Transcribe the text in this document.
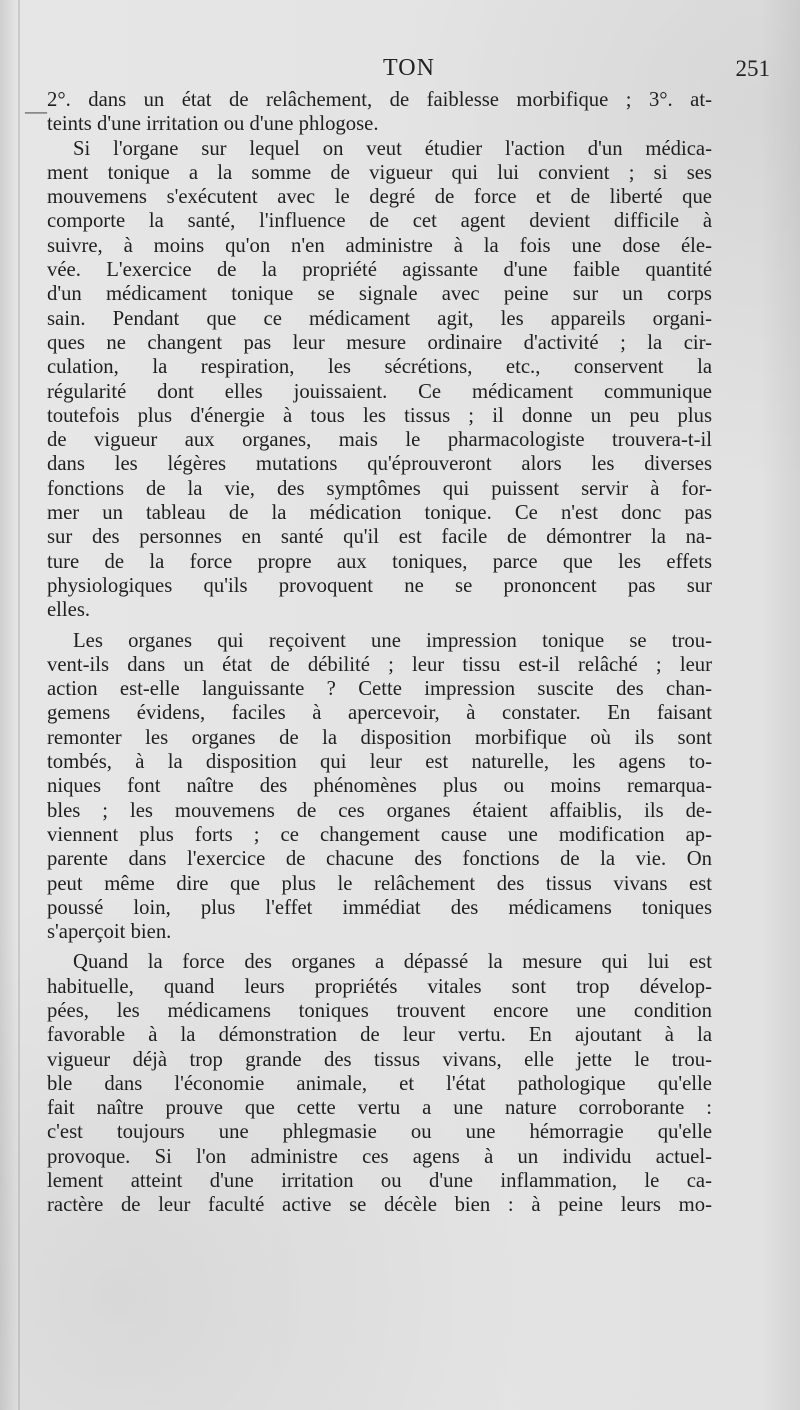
TON	251
— 2°. dans un état de relâchement, de faiblesse morbifique ; 3°. at-
teints d'une irritation ou d'une phlogose.
Si l'organe sur lequel on veut étudier l'action d'un médica-
ment tonique a la somme de vigueur qui lui convient ; si ses
mouvemens s'exécutent avec le degré de force et de liberté que
comporte la santé, l'influence de cet agent devient difficile à
suivre, à moins qu'on n'en administre à la fois une dose éle-
vée. L'exercice de la propriété agissante d'une faible quantité
d'un médicament tonique se signale avec peine sur un corps
sain. Pendant que ce médicament agit, les appareils organi-
ques ne changent pas leur mesure ordinaire d'activité ; la cir-
culation, la respiration, les sécrétions, etc., conservent la
régularité dont elles jouissaient. Ce médicament communique
toutefois plus d'énergie à tous les tissus ; il donne un peu plus
de vigueur aux organes, mais le pharmacologiste trouvera-t-il
dans les légères mutations qu'éprouveront alors les diverses
fonctions de la vie, des symptômes qui puissent servir à for-
mer un tableau de la médication tonique. Ce n'est donc pas
sur des personnes en santé qu'il est facile de démontrer la na-
ture de la force propre aux toniques, parce que les effets
physiologiques qu'ils provoquent ne se prononcent pas sur
elles.
Les organes qui reçoivent une impression tonique se trou-
vent-ils dans un état de débilité ; leur tissu est-il relâché ; leur
action est-elle languissante ? Cette impression suscite des chan-
gemens évidens, faciles à apercevoir, à constater. En faisant
remonter les organes de la disposition morbifique où ils sont
tombés, à la disposition qui leur est naturelle, les agens to-
niques font naître des phénomènes plus ou moins remarqua-
bles ; les mouvemens de ces organes étaient affaiblis, ils de-
viennent plus forts ; ce changement cause une modification ap-
parente dans l'exercice de chacune des fonctions de la vie. On
peut même dire que plus le relâchement des tissus vivans est
poussé loin, plus l'effet immédiat des médicamens toniques
s'aperçoit bien.
Quand la force des organes a dépassé la mesure qui lui est
habituelle, quand leurs propriétés vitales sont trop dévelop-
pées, les médicamens toniques trouvent encore une condition
favorable à la démonstration de leur vertu. En ajoutant à la
vigueur déjà trop grande des tissus vivans, elle jette le trou-
ble dans l'économie animale, et l'état pathologique qu'elle
fait naître prouve que cette vertu a une nature corroborante :
c'est toujours une phlegmasie ou une hémorragie qu'elle
provoque. Si l'on administre ces agens à un individu actuel-
lement atteint d'une irritation ou d'une inflammation, le ca-
ractère de leur faculté active se décèle bien : à peine leurs mo-
